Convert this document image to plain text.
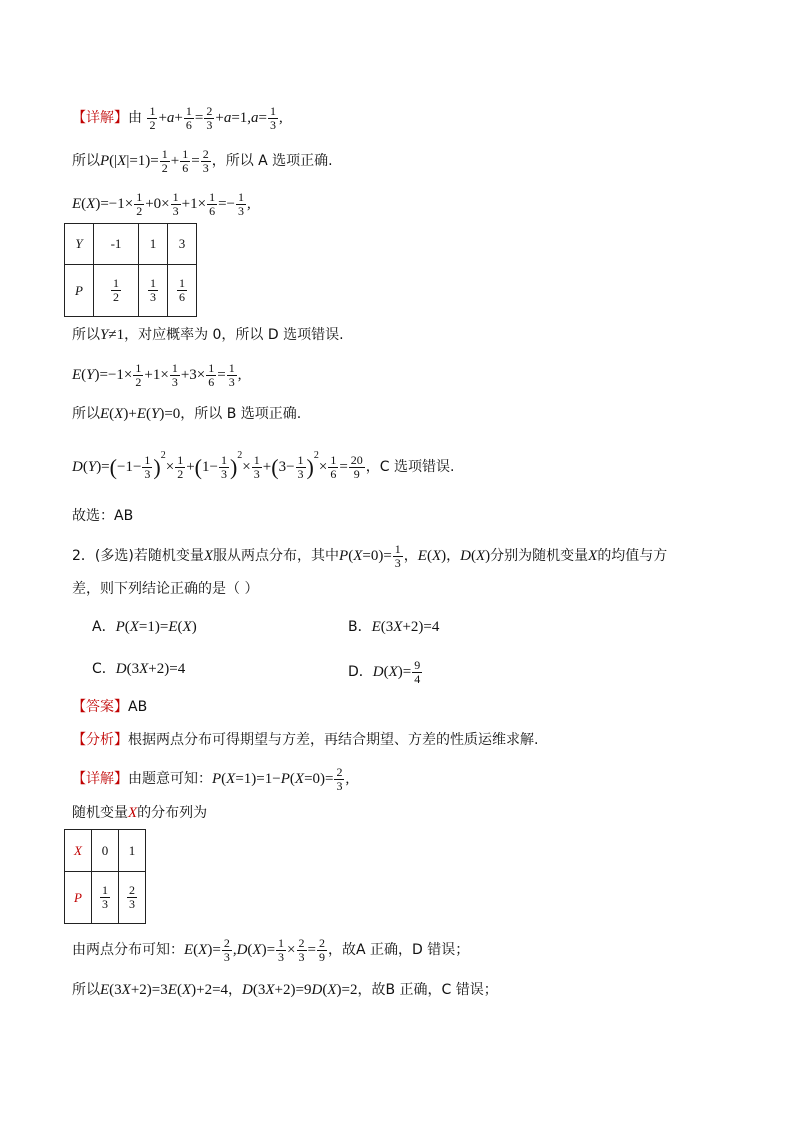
【详解】由 $\frac{1}{2} +a+ \frac{1}{6} = \frac{2}{3} +a=1,a= \frac{1}{3}$ ,
所以$P(|X|=1)= \frac{1}{2} + \frac{1}{6} = \frac{2}{3}$ ，所以 A 选项正确.
$E(X)=-1\times \frac{1}{2} +0\times \frac{1}{3} +1\times \frac{1}{6} =- \frac{1}{3}$ ,
Y	-1	1	3
P	$\frac{1}{2}$	$\frac{1}{3}$	$\frac{1}{6}$
所以Y≠1，对应概率为 0，所以 D 选项错误.
$E(Y)=-1\times \frac{1}{2} +1\times \frac{1}{3} +3\times \frac{1}{6} = \frac{1}{3}$ ,
所以E(X)+E(Y)=0，所以 B 选项正确.
$D(Y)=(-1- \frac{1}{3} )^2\times \frac{1}{2} +(1- \frac{1}{3} )^2\times \frac{1}{3} +(3- \frac{1}{3} )^2\times \frac{1}{6} = \frac{20}{9}$ ，C 选项错误.
故选：AB
2．(多选)若随机变量X服从两点分布，其中$P(X=0)= \frac{1}{3}$ ，E(X)，D(X)分别为随机变量X的均值与方
差，则下列结论正确的是（ ）
A．P(X=1)=E(X)	B．E(3X+2)=4
C．D(3X+2)=4	D．$D(X)= \frac{9}{4}$
【答案】AB
【分析】根据两点分布可得期望与方差，再结合期望、方差的性质运维求解.
【详解】由题意可知：$P(X=1)=1-P(X=0)= \frac{2}{3}$ ,
随机变量X的分布列为
X	0	1
P	$\frac{1}{3}$	$\frac{2}{3}$
由两点分布可知：$E(X)= \frac{2}{3} ,D(X)= \frac{1}{3} \times \frac{2}{3} = \frac{2}{9}$ ，故A 正确，D 错误；
所以E(3X+2)=3E(X)+2=4，D(3X+2)=9D(X)=2，故B 正确，C 错误；
